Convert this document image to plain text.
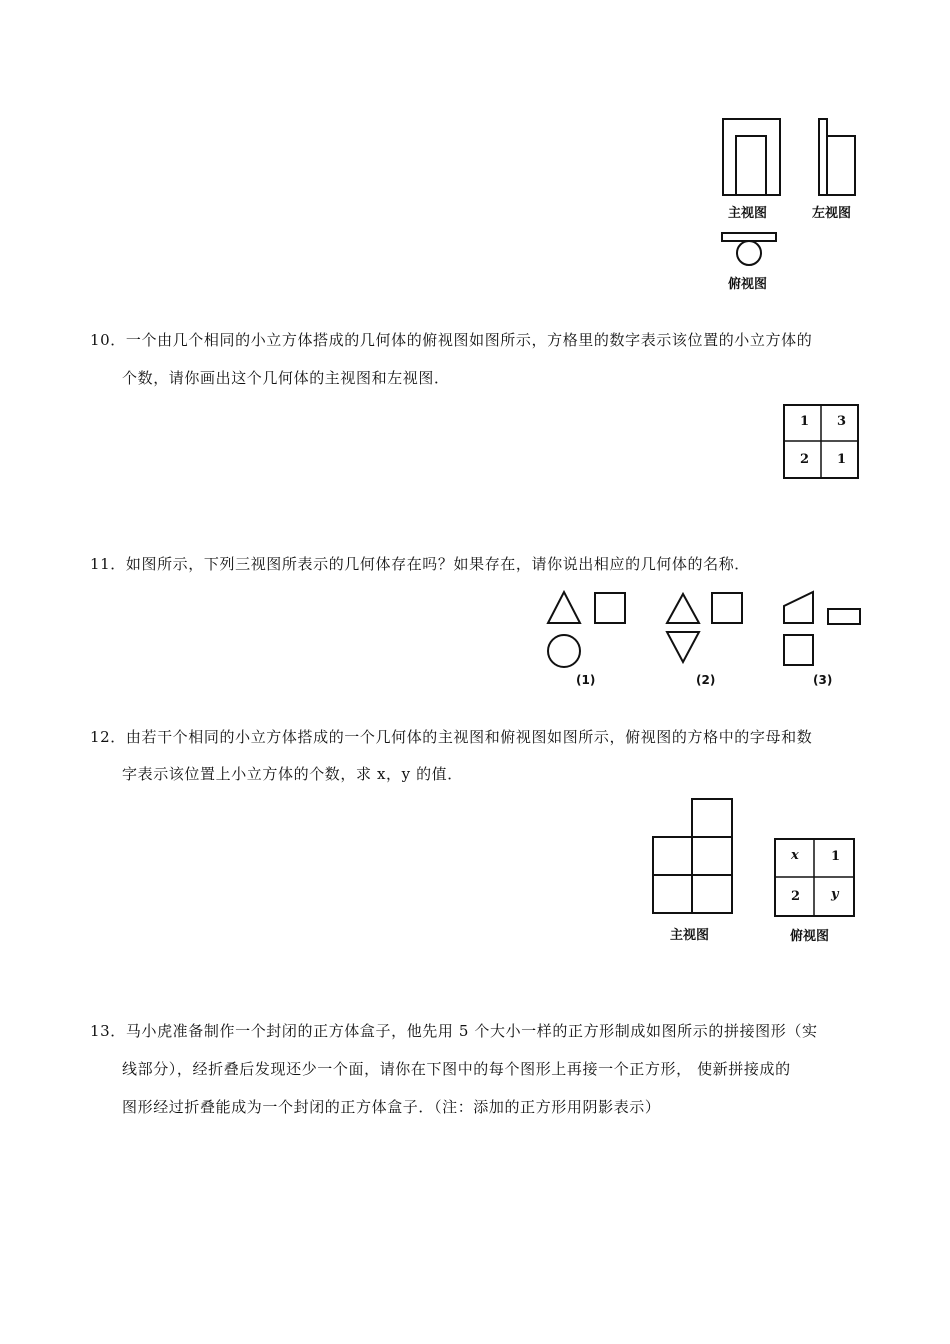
主视图	左视图
俯视图
10．一个由几个相同的小立方体搭成的几何体的俯视图如图所示，方格里的数字表示该位置的小立方体的
个数，请你画出这个几何体的主视图和左视图．
1 3
2 1
11．如图所示，下列三视图所表示的几何体存在吗？如果存在，请你说出相应的几何体的名称．
(1)	(2)	(3)
12．由若干个相同的小立方体搭成的一个几何体的主视图和俯视图如图所示，俯视图的方格中的字母和数
字表示该位置上小立方体的个数，求 x，y 的值．
主视图
x 1
2 y
俯视图
13．马小虎准备制作一个封闭的正方体盒子，他先用 5 个大小一样的正方形制成如图所示的拼接图形（实
线部分），经折叠后发现还少一个面，请你在下图中的每个图形上再接一个正方形， 使新拼接成的
图形经过折叠能成为一个封闭的正方体盒子．（注：添加的正方形用阴影表示）
